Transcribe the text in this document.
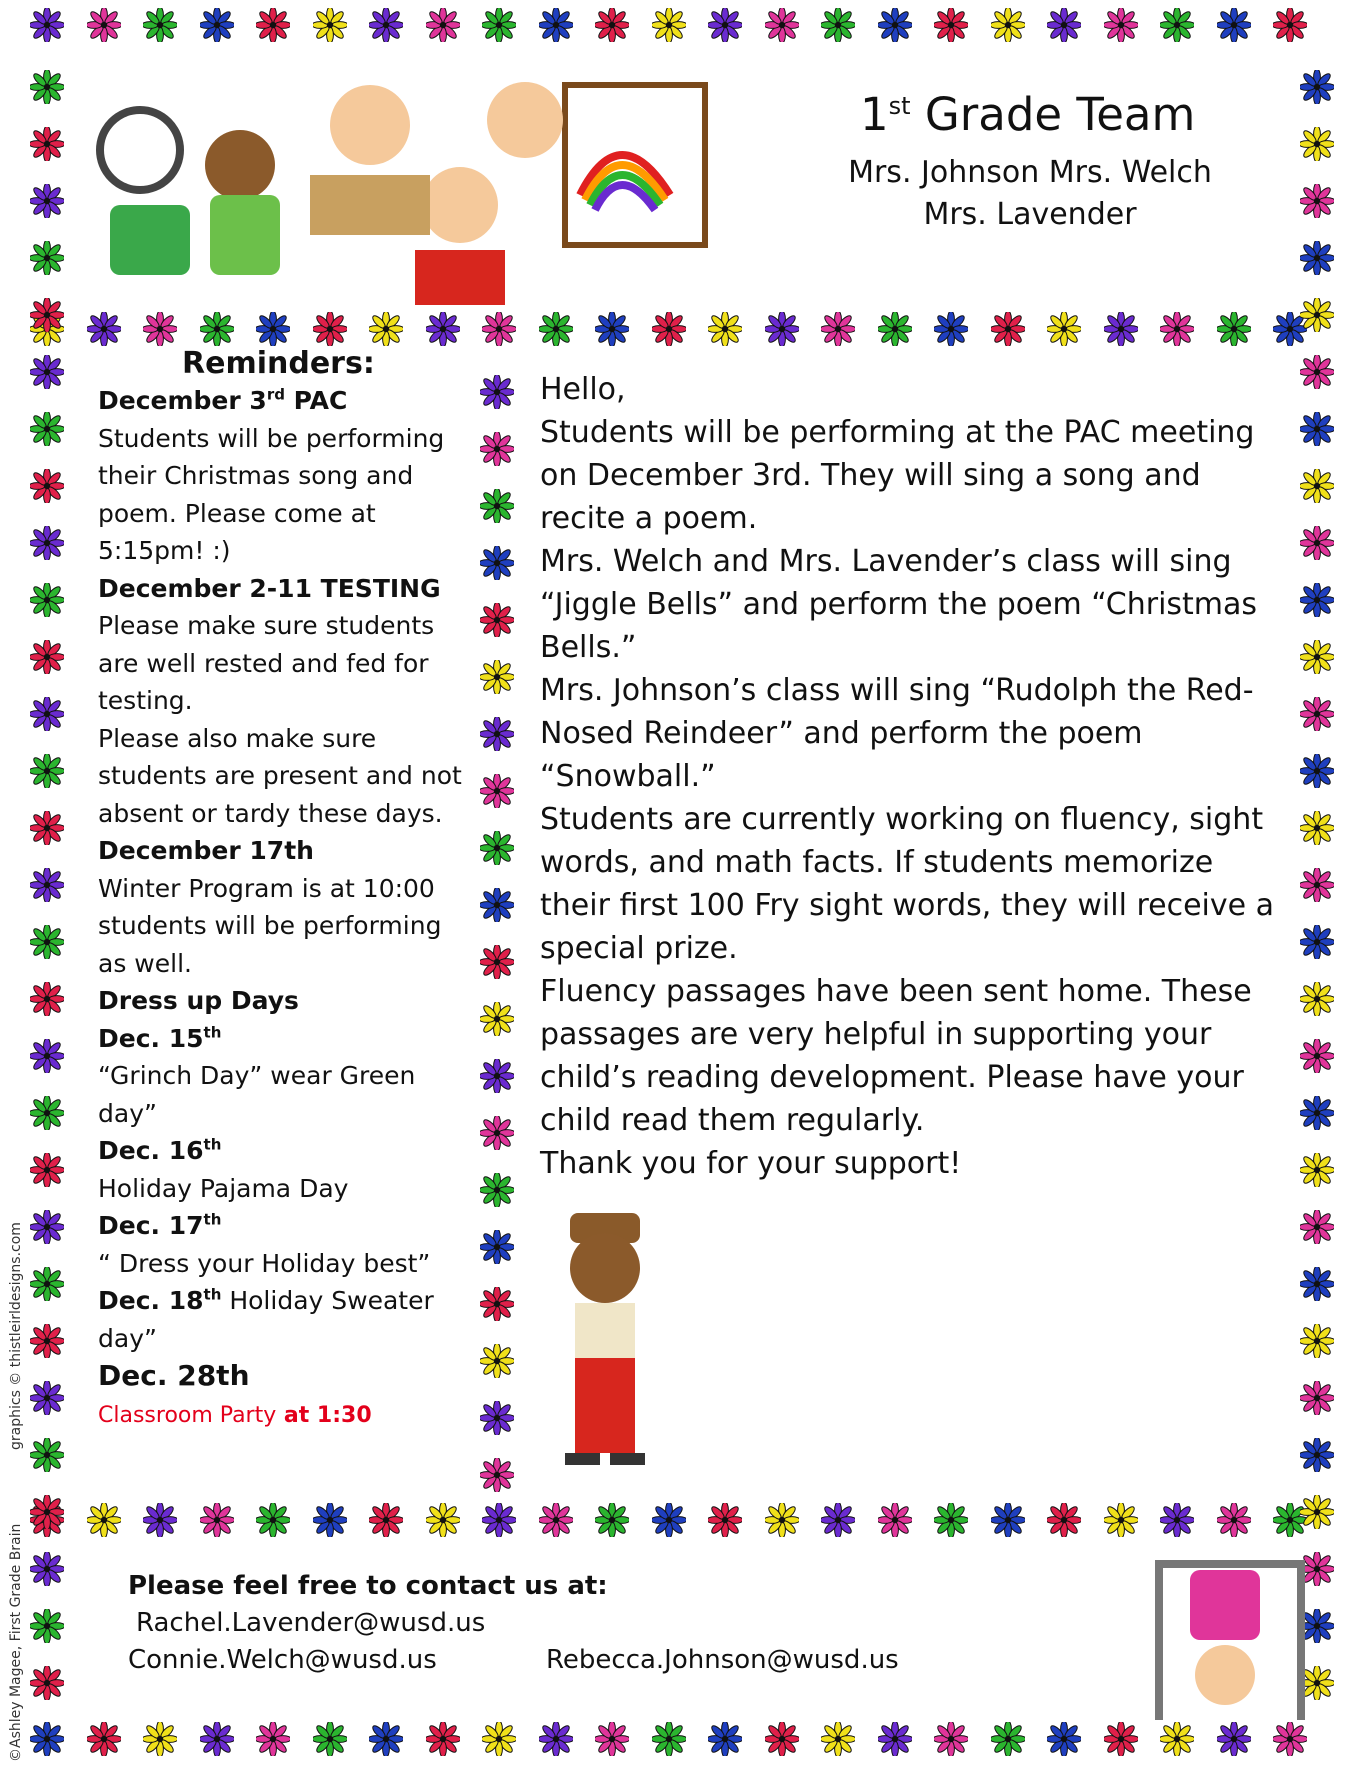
1st Grade Team
Mrs. Johnson Mrs. Welch
Mrs. Lavender
Reminders:
December 3rd PAC
Students will be performing their Christmas song and poem. Please come at 5:15pm! :)
December 2-11 TESTING
Please make sure students are well rested and fed for testing.
Please also make sure students are present and not absent or tardy these days.
December 17th
Winter Program is at 10:00 students will be performing as well.
Dress up Days
Dec. 15th
“Grinch Day” wear Green day”
Dec. 16th
Holiday Pajama Day
Dec. 17th
“ Dress your Holiday best”
Dec. 18th Holiday Sweater day”
Dec. 28th
Classroom Party at 1:30

Hello,

Students will be performing at the PAC meeting on December 3rd. They will sing a song and recite a poem.

Mrs. Welch and Mrs. Lavender’s class will sing “Jiggle Bells” and perform the poem “Christmas Bells.”

Mrs. Johnson’s class will sing “Rudolph the Red-Nosed Reindeer” and perform the poem “Snowball.”

Students are currently working on fluency, sight words, and math facts. If students memorize their first 100 Fry sight words, they will receive a special prize.

Fluency passages have been sent home. These passages are very helpful in supporting your child’s reading development. Please have your child read them regularly.

Thank you for your support!

Please feel free to contact us at:
Rachel.Lavender@wusd.us
Connie.Welch@wusd.us	Rebecca.Johnson@wusd.us
graphics © thistleirldesigns.com
©Ashley Magee, First Grade Brain
